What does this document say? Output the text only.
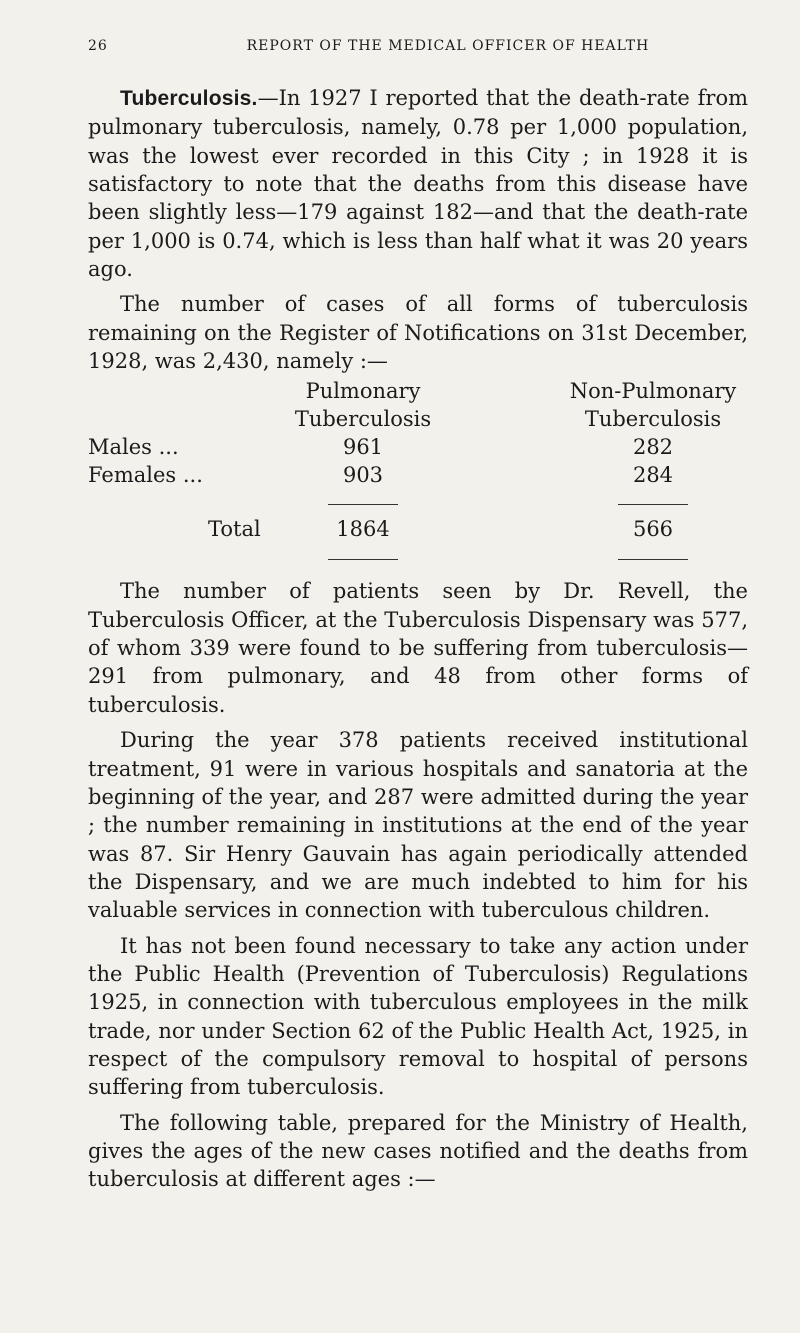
26	REPORT OF THE MEDICAL OFFICER OF HEALTH

Tuberculosis.—In 1927 I reported that the death-rate from pulmonary tuberculosis, namely, 0.78 per 1,000 population, was the lowest ever recorded in this City ; in 1928 it is satisfactory to note that the deaths from this disease have been slightly less—179 against 182—and that the death-rate per 1,000 is 0.74, which is less than half what it was 20 years ago.

The number of cases of all forms of tuberculosis remaining on the Register of Notifications on 31st December, 1928, was 2,430, namely :—

Pulmonary	Non-Pulmonary
Tuberculosis	Tuberculosis
Males ...	961	282
Females ...	903	284
Total	1864	566

The number of patients seen by Dr. Revell, the Tuberculosis Officer, at the Tuberculosis Dispensary was 577, of whom 339 were found to be suffering from tuberculosis—291 from pulmonary, and 48 from other forms of tuberculosis.

During the year 378 patients received institutional treatment, 91 were in various hospitals and sanatoria at the beginning of the year, and 287 were admitted during the year ; the number remaining in institutions at the end of the year was 87. Sir Henry Gauvain has again periodically attended the Dispensary, and we are much indebted to him for his valuable services in connection with tuberculous children.

It has not been found necessary to take any action under the Public Health (Prevention of Tuberculosis) Regulations 1925, in connection with tuberculous employees in the milk trade, nor under Section 62 of the Public Health Act, 1925, in respect of the compulsory removal to hospital of persons suffering from tuberculosis.

The following table, prepared for the Ministry of Health, gives the ages of the new cases notified and the deaths from tuberculosis at different ages :—
